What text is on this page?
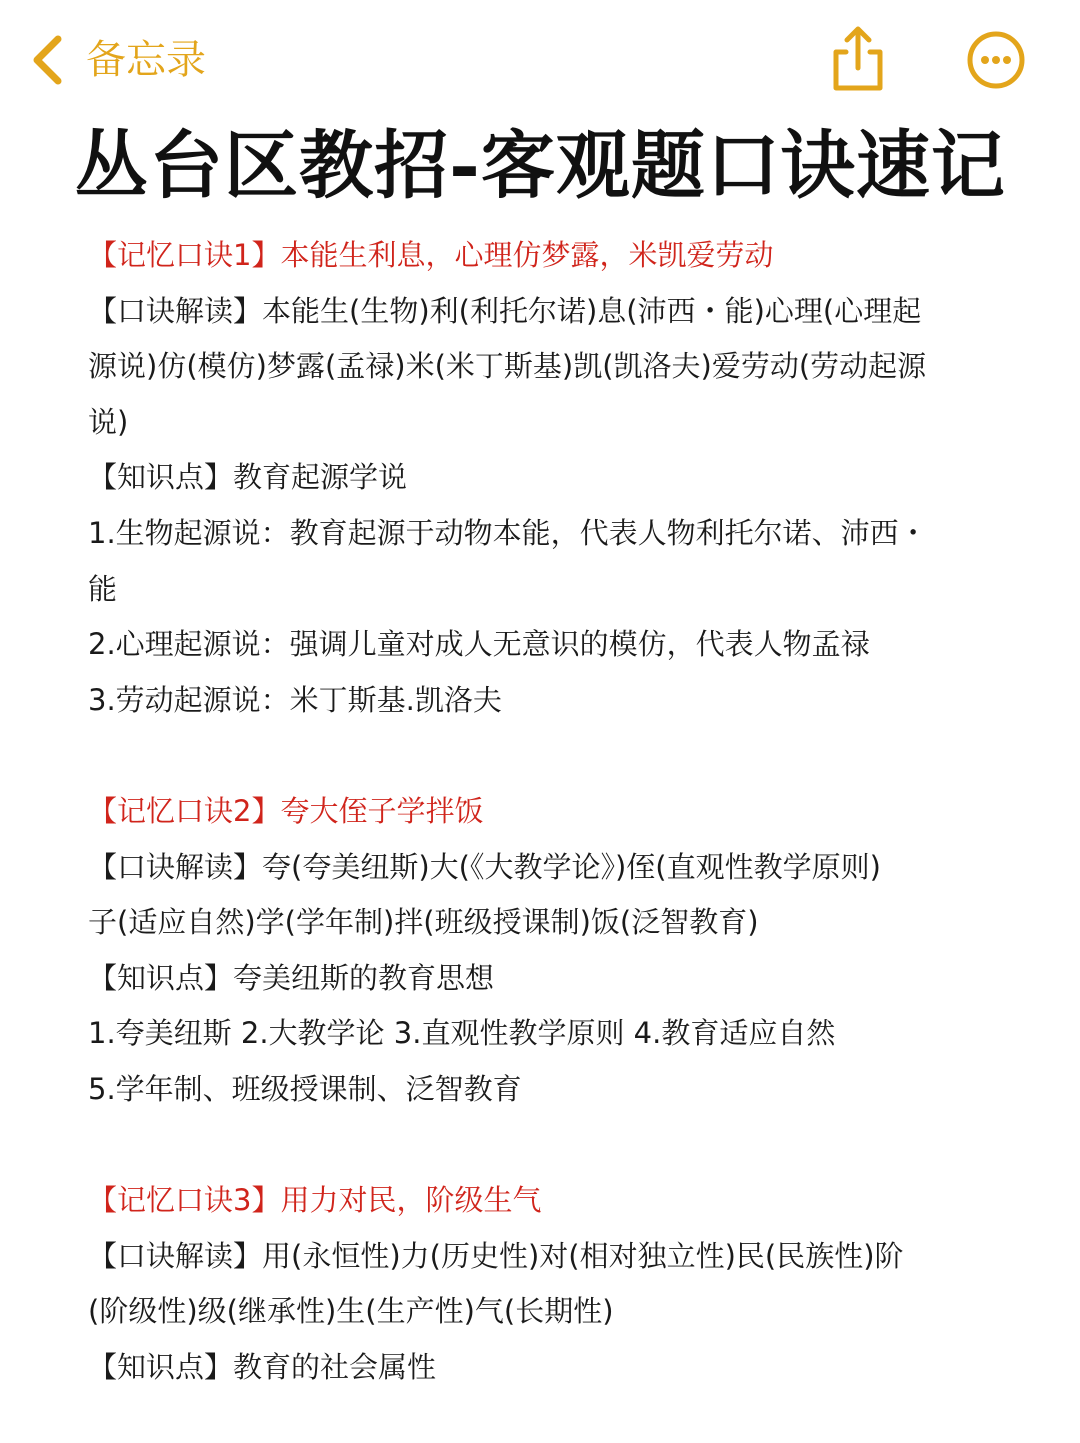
备忘录
丛台区教招-客观题口诀速记
【记忆口诀1】本能生利息，心理仿梦露，米凯爱劳动
【口诀解读】本能生(生物)利(利托尔诺)息(沛西・能)心理(心理起
源说)仿(模仿)梦露(孟禄)米(米丁斯基)凯(凯洛夫)爱劳动(劳动起源
说)
【知识点】教育起源学说
1.生物起源说：教育起源于动物本能，代表人物利托尔诺、沛西・
能
2.心理起源说：强调儿童对成人无意识的模仿，代表人物孟禄
3.劳动起源说：米丁斯基.凯洛夫
【记忆口诀2】夸大侄子学拌饭
【口诀解读】夸(夸美纽斯)大(《大教学论》)侄(直观性教学原则)
子(适应自然)学(学年制)拌(班级授课制)饭(泛智教育)
【知识点】夸美纽斯的教育思想
1.夸美纽斯 2.大教学论 3.直观性教学原则 4.教育适应自然
5.学年制、班级授课制、泛智教育
【记忆口诀3】用力对民，阶级生气
【口诀解读】用(永恒性)力(历史性)对(相对独立性)民(民族性)阶
(阶级性)级(继承性)生(生产性)气(长期性)
【知识点】教育的社会属性
